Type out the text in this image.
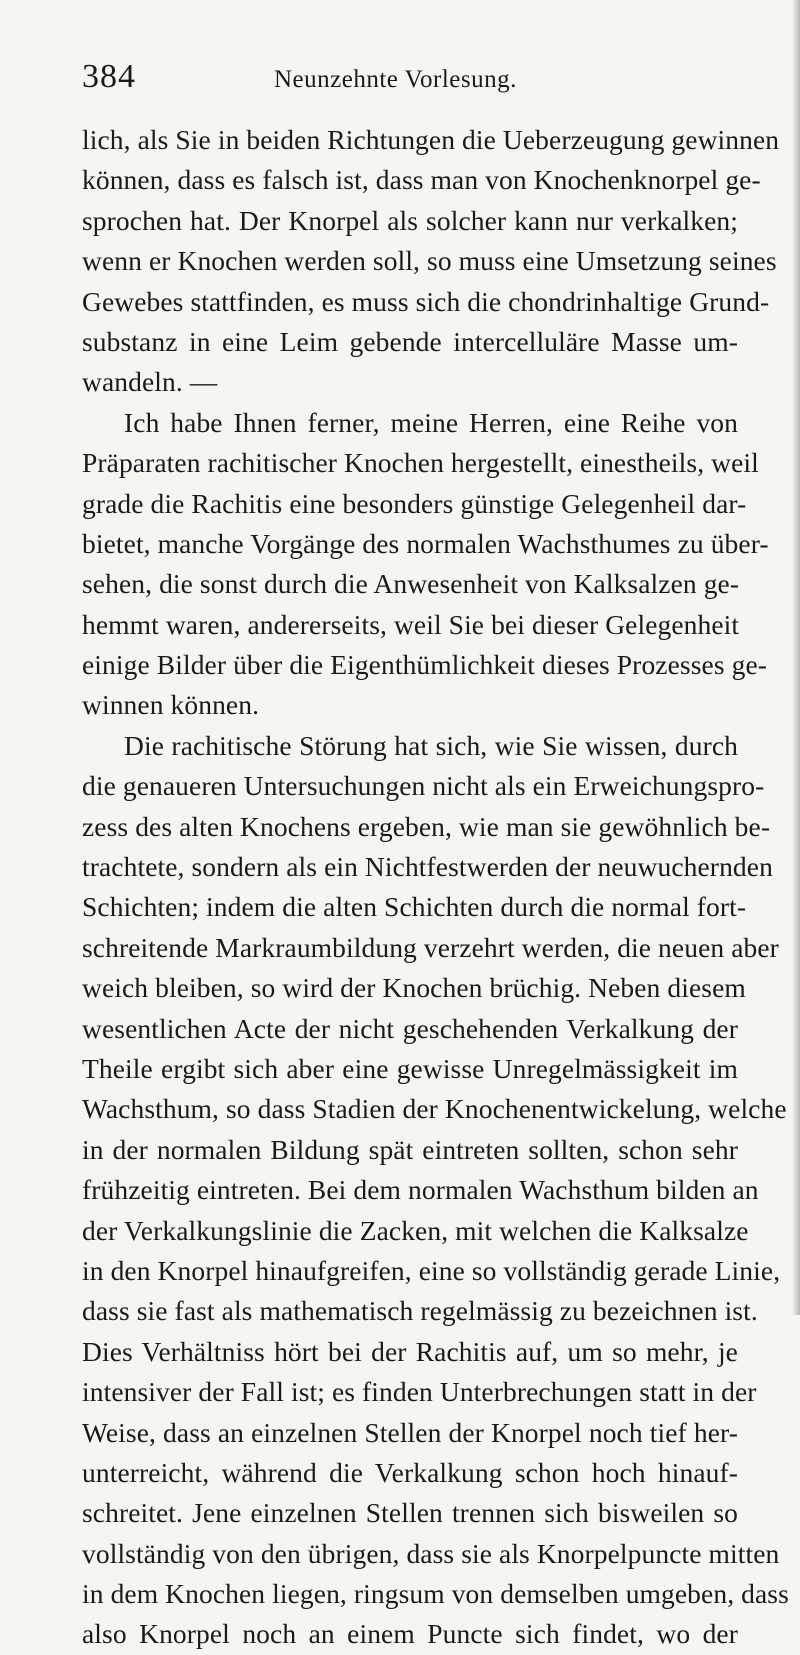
384	Neunzehnte Vorlesung.
lich, als Sie in beiden Richtungen die Ueberzeugung gewinnen
können, dass es falsch ist, dass man von Knochenknorpel ge-
sprochen hat. Der Knorpel als solcher kann nur verkalken;
wenn er Knochen werden soll, so muss eine Umsetzung seines
Gewebes stattfinden, es muss sich die chondrinhaltige Grund-
substanz in eine Leim gebende intercelluläre Masse um-
wandeln. —
Ich habe Ihnen ferner, meine Herren, eine Reihe von
Präparaten rachitischer Knochen hergestellt, einestheils, weil
grade die Rachitis eine besonders günstige Gelegenheil dar-
bietet, manche Vorgänge des normalen Wachsthumes zu über-
sehen, die sonst durch die Anwesenheit von Kalksalzen ge-
hemmt waren, andererseits, weil Sie bei dieser Gelegenheit
einige Bilder über die Eigenthümlichkeit dieses Prozesses ge-
winnen können.
Die rachitische Störung hat sich, wie Sie wissen, durch
die genaueren Untersuchungen nicht als ein Erweichungspro-
zess des alten Knochens ergeben, wie man sie gewöhnlich be-
trachtete, sondern als ein Nichtfestwerden der neuwuchernden
Schichten; indem die alten Schichten durch die normal fort-
schreitende Markraumbildung verzehrt werden, die neuen aber
weich bleiben, so wird der Knochen brüchig. Neben diesem
wesentlichen Acte der nicht geschehenden Verkalkung der
Theile ergibt sich aber eine gewisse Unregelmässigkeit im
Wachsthum, so dass Stadien der Knochenentwickelung, welche
in der normalen Bildung spät eintreten sollten, schon sehr
frühzeitig eintreten. Bei dem normalen Wachsthum bilden an
der Verkalkungslinie die Zacken, mit welchen die Kalksalze
in den Knorpel hinaufgreifen, eine so vollständig gerade Linie,
dass sie fast als mathematisch regelmässig zu bezeichnen ist.
Dies Verhältniss hört bei der Rachitis auf, um so mehr, je
intensiver der Fall ist; es finden Unterbrechungen statt in der
Weise, dass an einzelnen Stellen der Knorpel noch tief her-
unterreicht, während die Verkalkung schon hoch hinauf-
schreitet. Jene einzelnen Stellen trennen sich bisweilen so
vollständig von den übrigen, dass sie als Knorpelpuncte mitten
in dem Knochen liegen, ringsum von demselben umgeben, dass
also Knorpel noch an einem Puncte sich findet, wo der
